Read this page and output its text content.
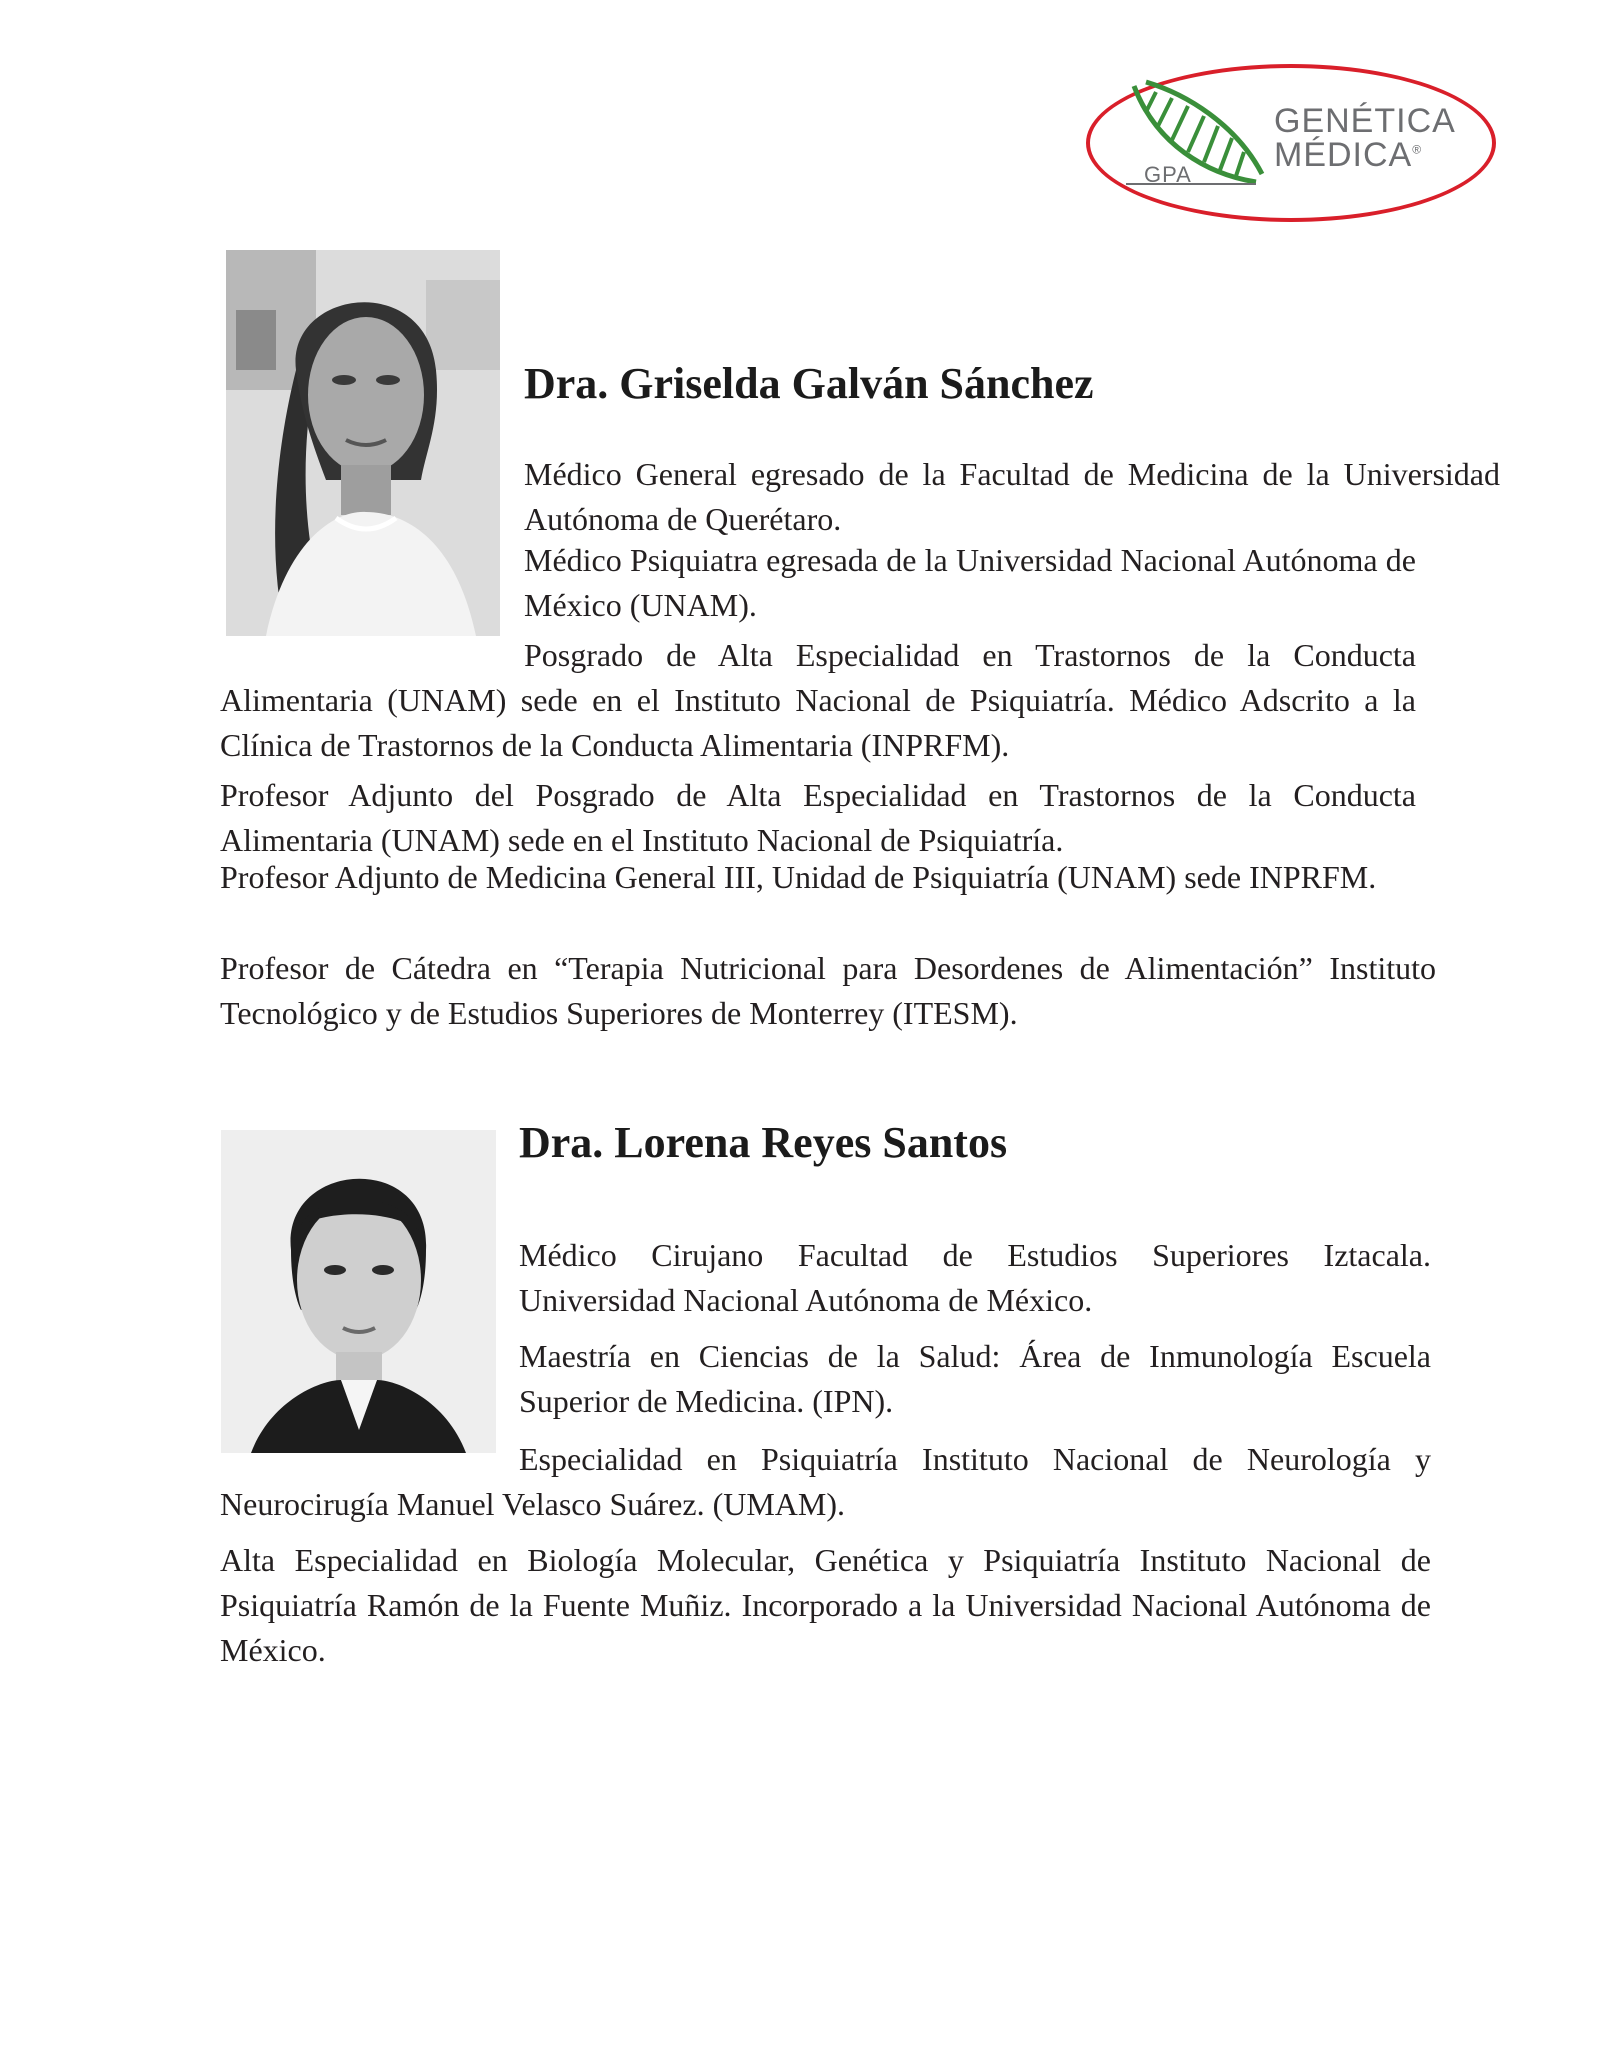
GENÉTICA
MÉDICA®
GPA
Dra. Griselda Galván Sánchez

Médico General egresado de la Facultad de Medicina de la Universidad Autónoma de Querétaro.

Médico Psiquiatra egresada de la Universidad Nacional Autónoma de México (UNAM).

Posgrado de Alta Especialidad en Trastornos de la Conducta Alimentaria (UNAM) sede en el Instituto Nacional de Psiquiatría. Médico Adscrito a la Clínica de Trastornos de la Conducta Alimentaria (INPRFM).

Profesor Adjunto del Posgrado de Alta Especialidad en Trastornos de la Conducta Alimentaria (UNAM) sede en el Instituto Nacional de Psiquiatría.

Profesor Adjunto de Medicina General III, Unidad de Psiquiatría (UNAM) sede INPRFM.

Profesor de Cátedra en “Terapia Nutricional para Desordenes de Alimentación” Instituto Tecnológico y de Estudios Superiores de Monterrey (ITESM).

Dra. Lorena Reyes Santos

Médico Cirujano Facultad de Estudios Superiores Iztacala. Universidad Nacional Autónoma de México.

Maestría en Ciencias de la Salud: Área de Inmunología Escuela Superior de Medicina. (IPN).

Especialidad en Psiquiatría Instituto Nacional de Neurología y Neurocirugía Manuel Velasco Suárez. (UMAM).

Alta Especialidad en Biología Molecular, Genética y Psiquiatría Instituto Nacional de Psiquiatría Ramón de la Fuente Muñiz. Incorporado a la Universidad Nacional Autónoma de México.
